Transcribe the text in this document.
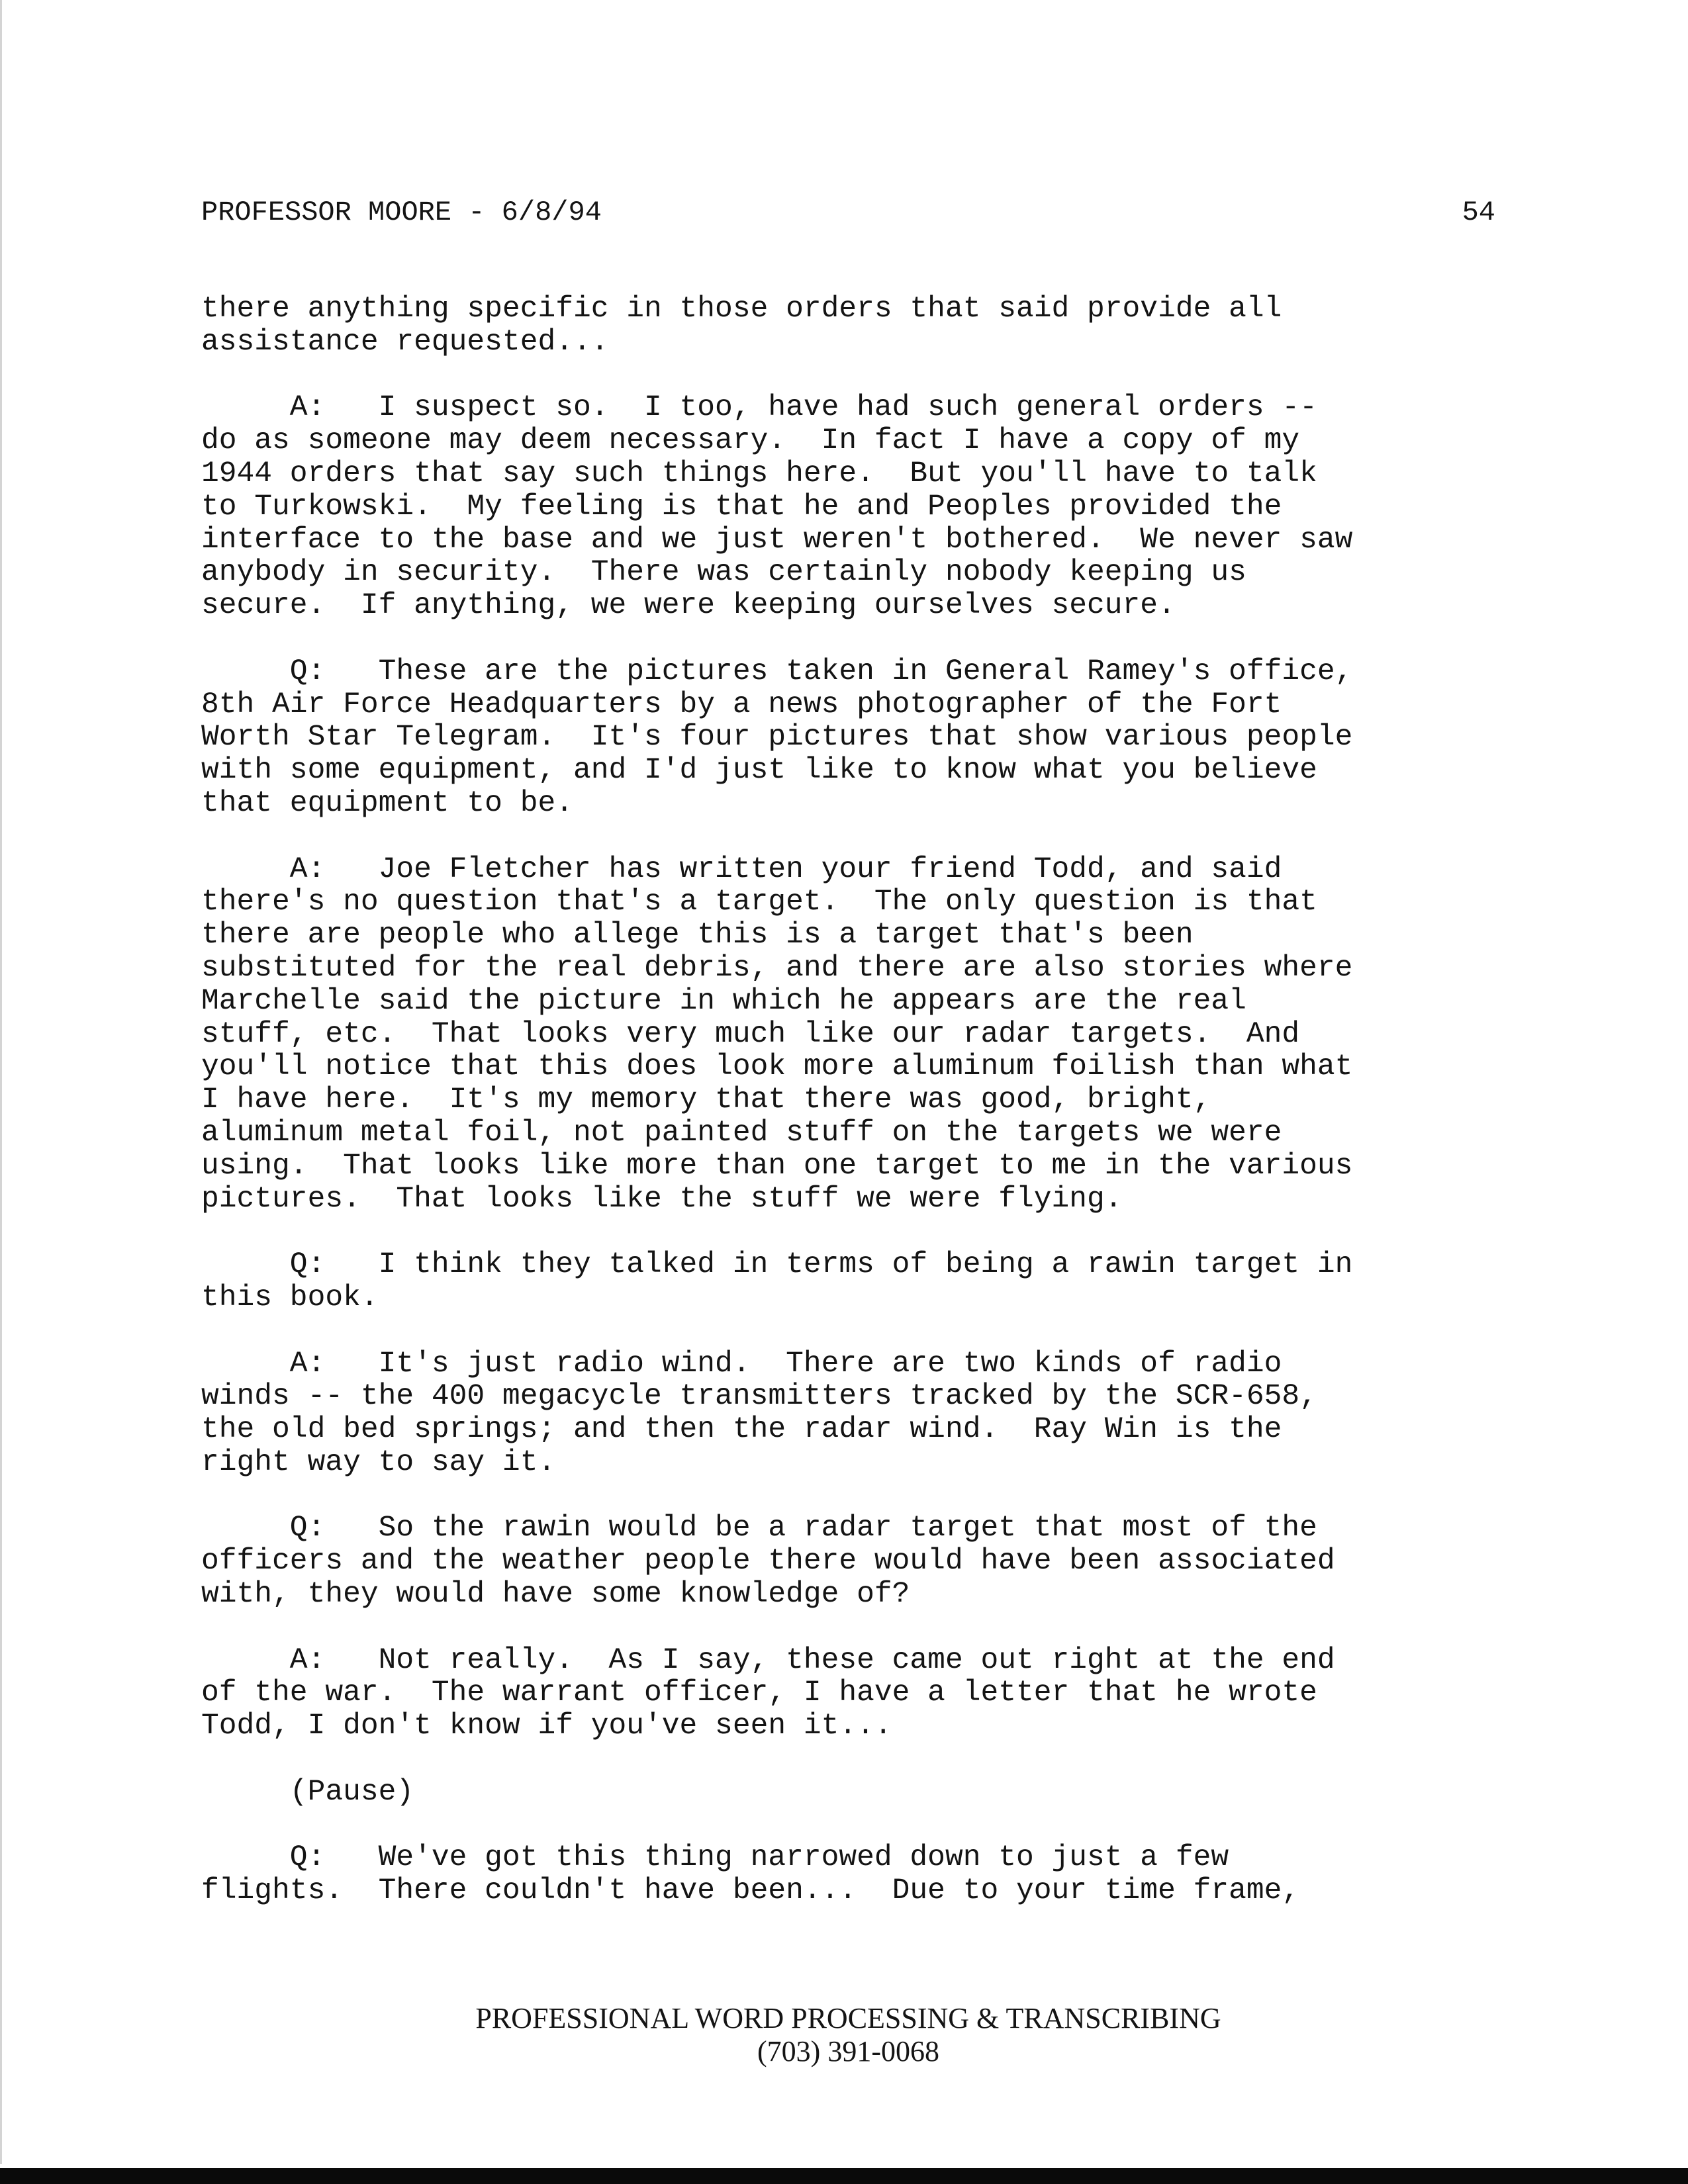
PROFESSOR MOORE - 6/8/94	54
there anything specific in those orders that said provide all
assistance requested...
A:   I suspect so.  I too, have had such general orders --
do as someone may deem necessary.  In fact I have a copy of my
1944 orders that say such things here.  But you'll have to talk
to Turkowski.  My feeling is that he and Peoples provided the
interface to the base and we just weren't bothered.  We never saw
anybody in security.  There was certainly nobody keeping us
secure.  If anything, we were keeping ourselves secure.
Q:   These are the pictures taken in General Ramey's office,
8th Air Force Headquarters by a news photographer of the Fort
Worth Star Telegram.  It's four pictures that show various people
with some equipment, and I'd just like to know what you believe
that equipment to be.
A:   Joe Fletcher has written your friend Todd, and said
there's no question that's a target.  The only question is that
there are people who allege this is a target that's been
substituted for the real debris, and there are also stories where
Marchelle said the picture in which he appears are the real
stuff, etc.  That looks very much like our radar targets.  And
you'll notice that this does look more aluminum foilish than what
I have here.  It's my memory that there was good, bright,
aluminum metal foil, not painted stuff on the targets we were
using.  That looks like more than one target to me in the various
pictures.  That looks like the stuff we were flying.
Q:   I think they talked in terms of being a rawin target in
this book.
A:   It's just radio wind.  There are two kinds of radio
winds -- the 400 megacycle transmitters tracked by the SCR-658,
the old bed springs; and then the radar wind.  Ray Win is the
right way to say it.
Q:   So the rawin would be a radar target that most of the
officers and the weather people there would have been associated
with, they would have some knowledge of?
A:   Not really.  As I say, these came out right at the end
of the war.  The warrant officer, I have a letter that he wrote
Todd, I don't know if you've seen it...
(Pause)
Q:   We've got this thing narrowed down to just a few
flights.  There couldn't have been...  Due to your time frame,
PROFESSIONAL WORD PROCESSING & TRANSCRIBING
(703) 391-0068
